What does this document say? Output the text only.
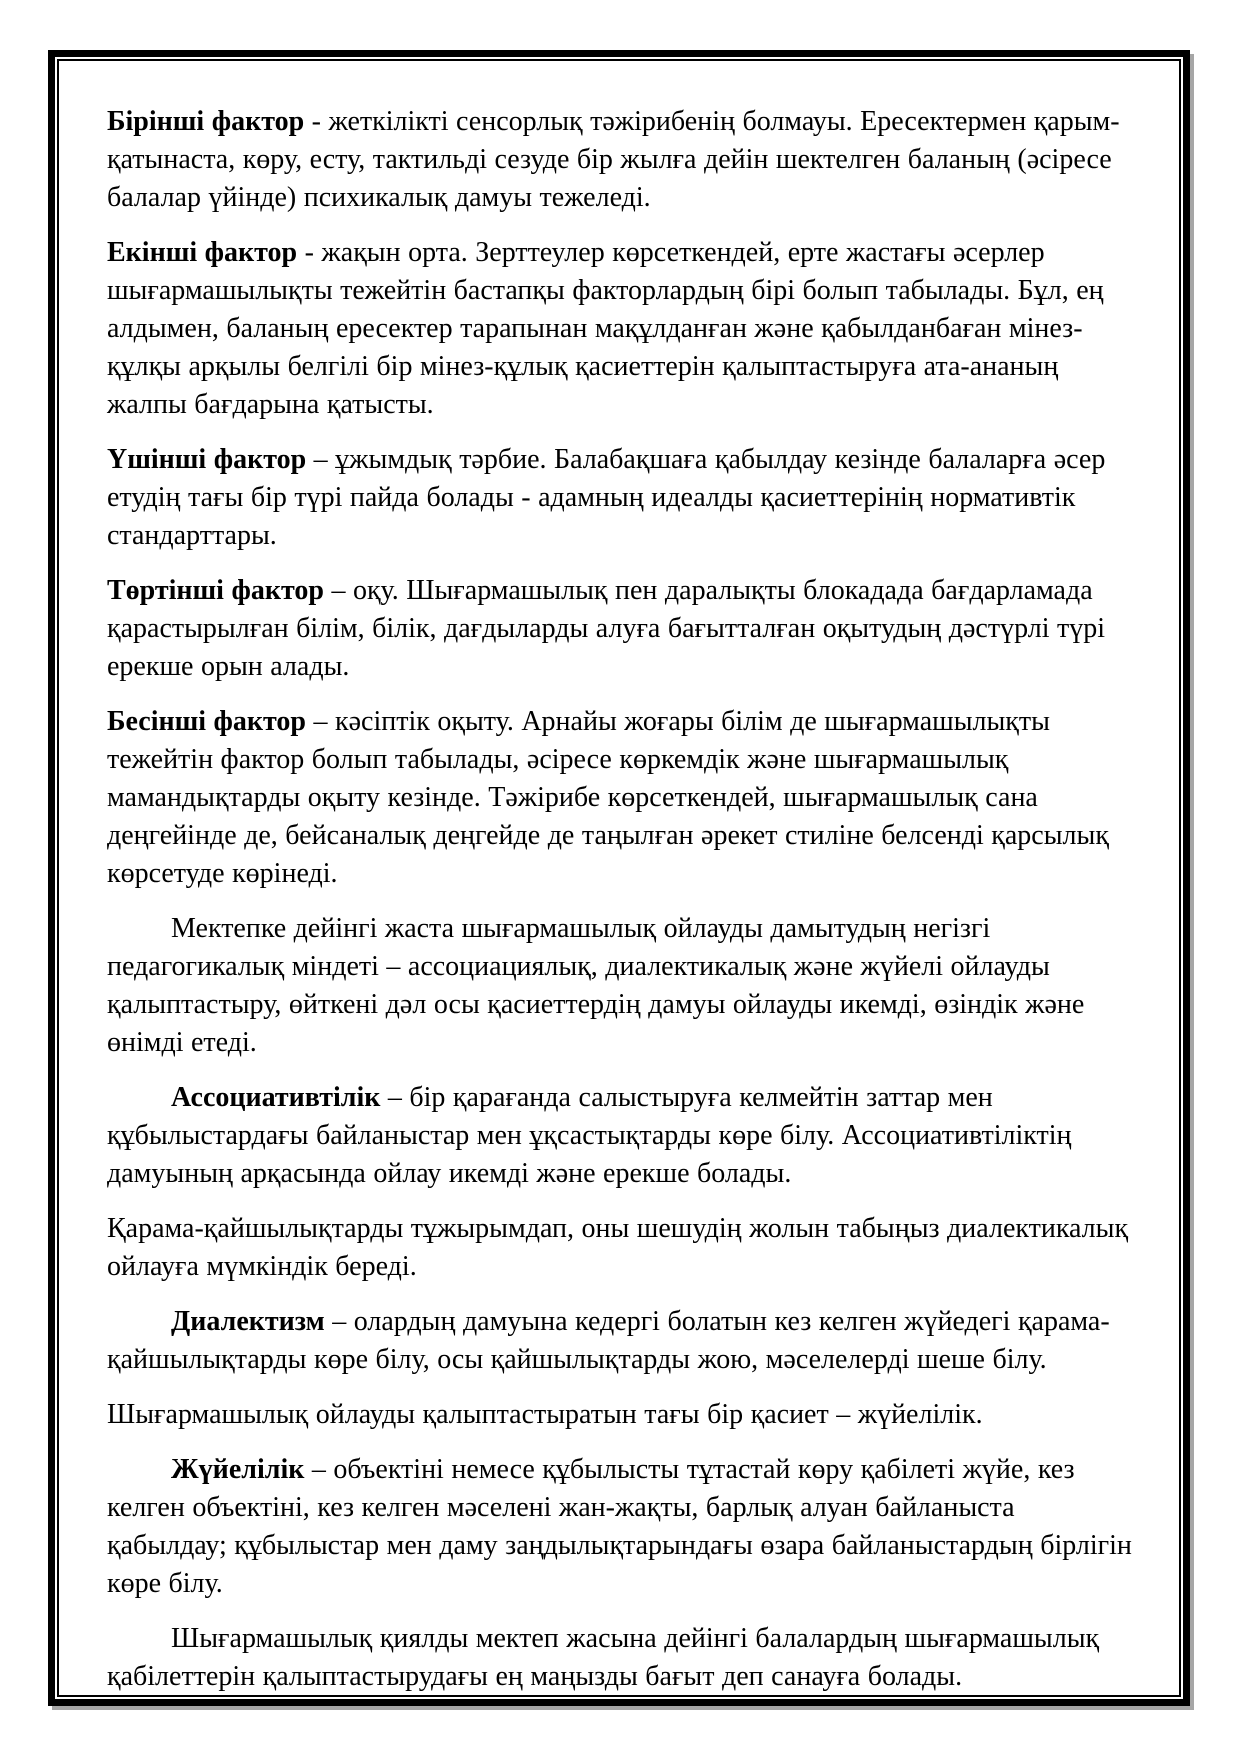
Бірінші фактор - жеткілікті сенсорлық тәжірибенің болмауы. Ересектермен қарым-қатынаста, көру, есту, тактильді сезуде бір жылға дейін шектелген баланың (әсіресе балалар үйінде) психикалық дамуы тежеледі.

Екінші фактор - жақын орта. Зерттеулер көрсеткендей, ерте жастағы әсерлер шығармашылықты тежейтін бастапқы факторлардың бірі болып табылады. Бұл, ең алдымен, баланың ересектер тарапынан мақұлданған және қабылданбаған мінез-құлқы арқылы белгілі бір мінез-құлық қасиеттерін қалыптастыруға ата-ананың жалпы бағдарына қатысты.

Үшінші фактор – ұжымдық тәрбие. Балабақшаға қабылдау кезінде балаларға әсер етудің тағы бір түрі пайда болады - адамның идеалды қасиеттерінің нормативтік стандарттары.

Төртінші фактор – оқу. Шығармашылық пен даралықты блокадада бағдарламада қарастырылған білім, білік, дағдыларды алуға бағытталған оқытудың дәстүрлі түрі ерекше орын алады.

Бесінші фактор – кәсіптік оқыту. Арнайы жоғары білім де шығармашылықты тежейтін фактор болып табылады, әсіресе көркемдік және шығармашылық мамандықтарды оқыту кезінде. Тәжірибе көрсеткендей, шығармашылық сана деңгейінде де, бейсаналық деңгейде де таңылған әрекет стиліне белсенді қарсылық көрсетуде көрінеді.

Мектепке дейінгі жаста шығармашылық ойлауды дамытудың негізгі педагогикалық міндеті – ассоциациялық, диалектикалық және жүйелі ойлауды қалыптастыру, өйткені дәл осы қасиеттердің дамуы ойлауды икемді, өзіндік және өнімді етеді.

Ассоциативтілік – бір қарағанда салыстыруға келмейтін заттар мен құбылыстардағы байланыстар мен ұқсастықтарды көре білу. Ассоциативтіліктің дамуының арқасында ойлау икемді және ерекше болады.

Қарама-қайшылықтарды тұжырымдап, оны шешудің жолын табыңыз диалектикалық ойлауға мүмкіндік береді.

Диалектизм – олардың дамуына кедергі болатын кез келген жүйедегі қарама-қайшылықтарды көре білу, осы қайшылықтарды жою, мәселелерді шеше білу.

Шығармашылық ойлауды қалыптастыратын тағы бір қасиет – жүйелілік.

Жүйелілік – объектіні немесе құбылысты тұтастай көру қабілеті жүйе, кез келген объектіні, кез келген мәселені жан-жақты, барлық алуан байланыста қабылдау; құбылыстар мен даму заңдылықтарындағы өзара байланыстардың бірлігін көре білу.

Шығармашылық қиялды мектеп жасына дейінгі балалардың шығармашылық қабілеттерін қалыптастырудағы ең маңызды бағыт деп санауға болады.
